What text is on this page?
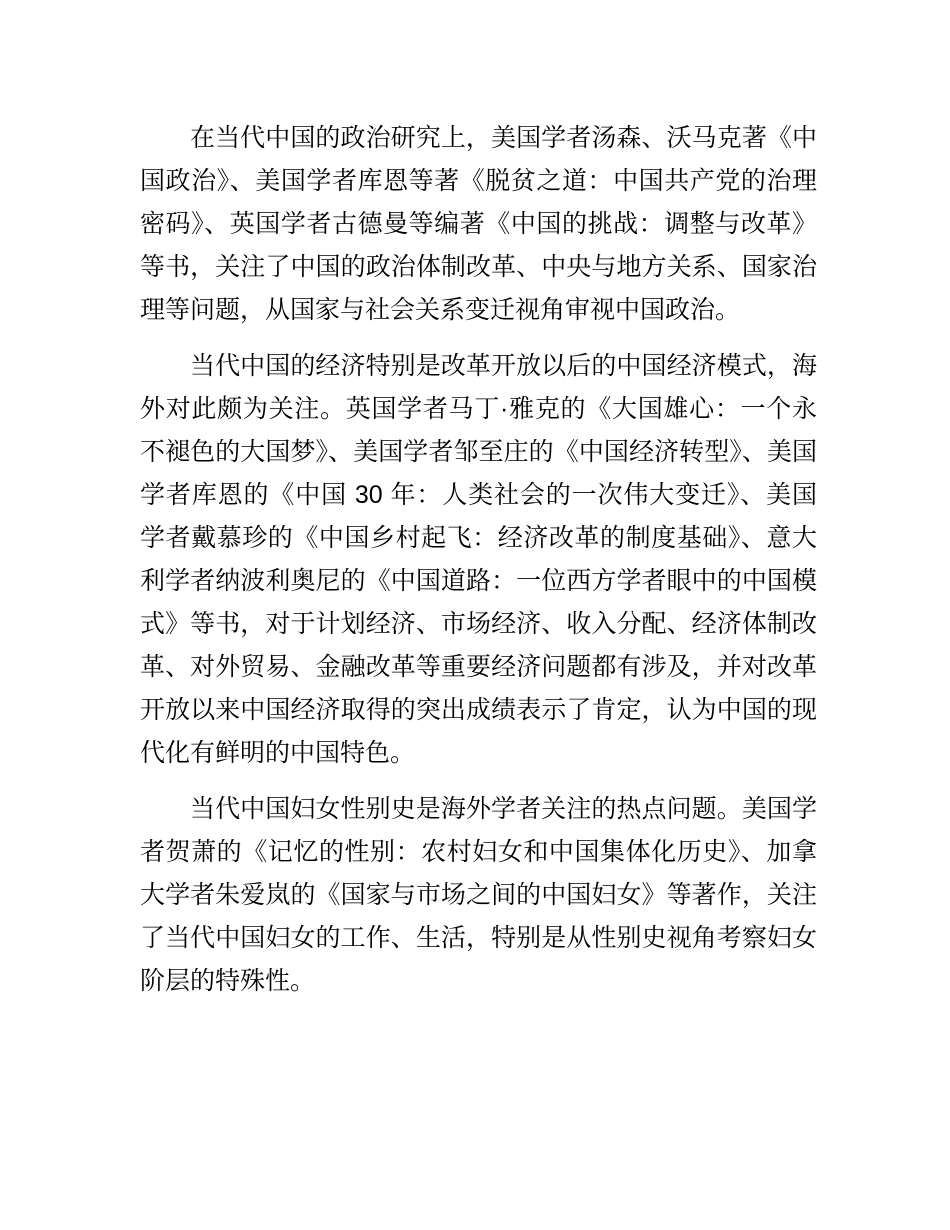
在当代中国的政治研究上，美国学者汤森、沃马克著《中国政治》、美国学者库恩等著《脱贫之道：中国共产党的治理密码》、英国学者古德曼等编著《中国的挑战：调整与改革》等书，关注了中国的政治体制改革、中央与地方关系、国家治理等问题，从国家与社会关系变迁视角审视中国政治。

当代中国的经济特别是改革开放以后的中国经济模式，海外对此颇为关注。英国学者马丁·雅克的《大国雄心：一个永不褪色的大国梦》、美国学者邹至庄的《中国经济转型》、美国学者库恩的《中国 30 年：人类社会的一次伟大变迁》、美国学者戴慕珍的《中国乡村起飞：经济改革的制度基础》、意大利学者纳波利奥尼的《中国道路：一位西方学者眼中的中国模式》等书，对于计划经济、市场经济、收入分配、经济体制改革、对外贸易、金融改革等重要经济问题都有涉及，并对改革开放以来中国经济取得的突出成绩表示了肯定，认为中国的现代化有鲜明的中国特色。

当代中国妇女性别史是海外学者关注的热点问题。美国学者贺萧的《记忆的性别：农村妇女和中国集体化历史》、加拿大学者朱爱岚的《国家与市场之间的中国妇女》等著作，关注了当代中国妇女的工作、生活，特别是从性别史视角考察妇女阶层的特殊性。
